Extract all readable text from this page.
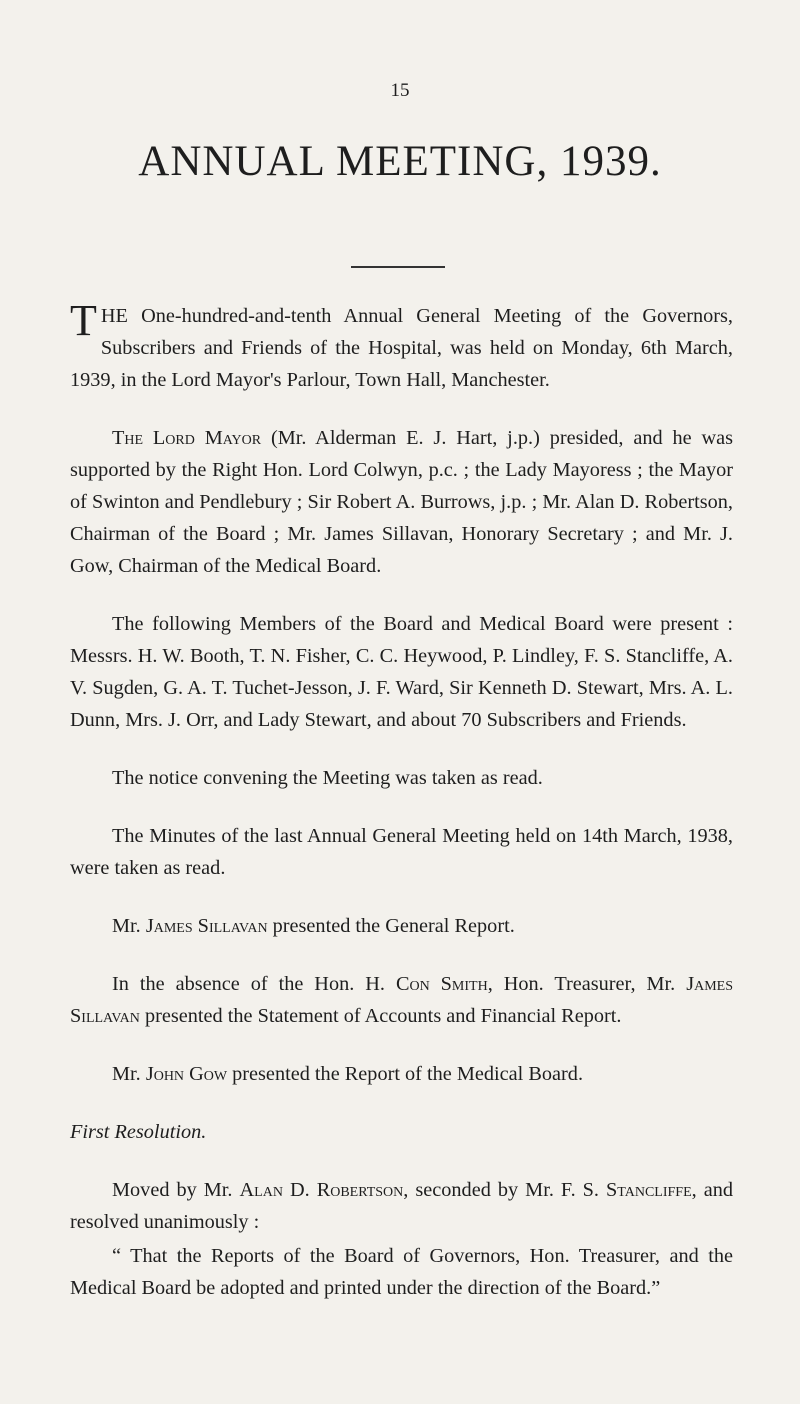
15
ANNUAL MEETING, 1939.

THE One-hundred-and-tenth Annual General Meeting of the Governors, Subscribers and Friends of the Hospital, was held on Monday, 6th March, 1939, in the Lord Mayor's Parlour, Town Hall, Manchester.

The Lord Mayor (Mr. Alderman E. J. Hart, j.p.) presided, and he was supported by the Right Hon. Lord Colwyn, p.c. ; the Lady Mayoress ; the Mayor of Swinton and Pendlebury ; Sir Robert A. Burrows, j.p. ; Mr. Alan D. Robertson, Chairman of the Board ; Mr. James Sillavan, Honorary Secretary ; and Mr. J. Gow, Chairman of the Medical Board.

The following Members of the Board and Medical Board were present : Messrs. H. W. Booth, T. N. Fisher, C. C. Heywood, P. Lindley, F. S. Stancliffe, A. V. Sugden, G. A. T. Tuchet-Jesson, J. F. Ward, Sir Kenneth D. Stewart, Mrs. A. L. Dunn, Mrs. J. Orr, and Lady Stewart, and about 70 Subscribers and Friends.

The notice convening the Meeting was taken as read.

The Minutes of the last Annual General Meeting held on 14th March, 1938, were taken as read.

Mr. James Sillavan presented the General Report.

In the absence of the Hon. H. Con Smith, Hon. Treasurer, Mr. James Sillavan presented the Statement of Accounts and Financial Report.

Mr. John Gow presented the Report of the Medical Board.

First Resolution.

Moved by Mr. Alan D. Robertson, seconded by Mr. F. S. Stancliffe, and resolved unanimously :

“ That the Reports of the Board of Governors, Hon. Treasurer, and the Medical Board be adopted and printed under the direction of the Board.”
